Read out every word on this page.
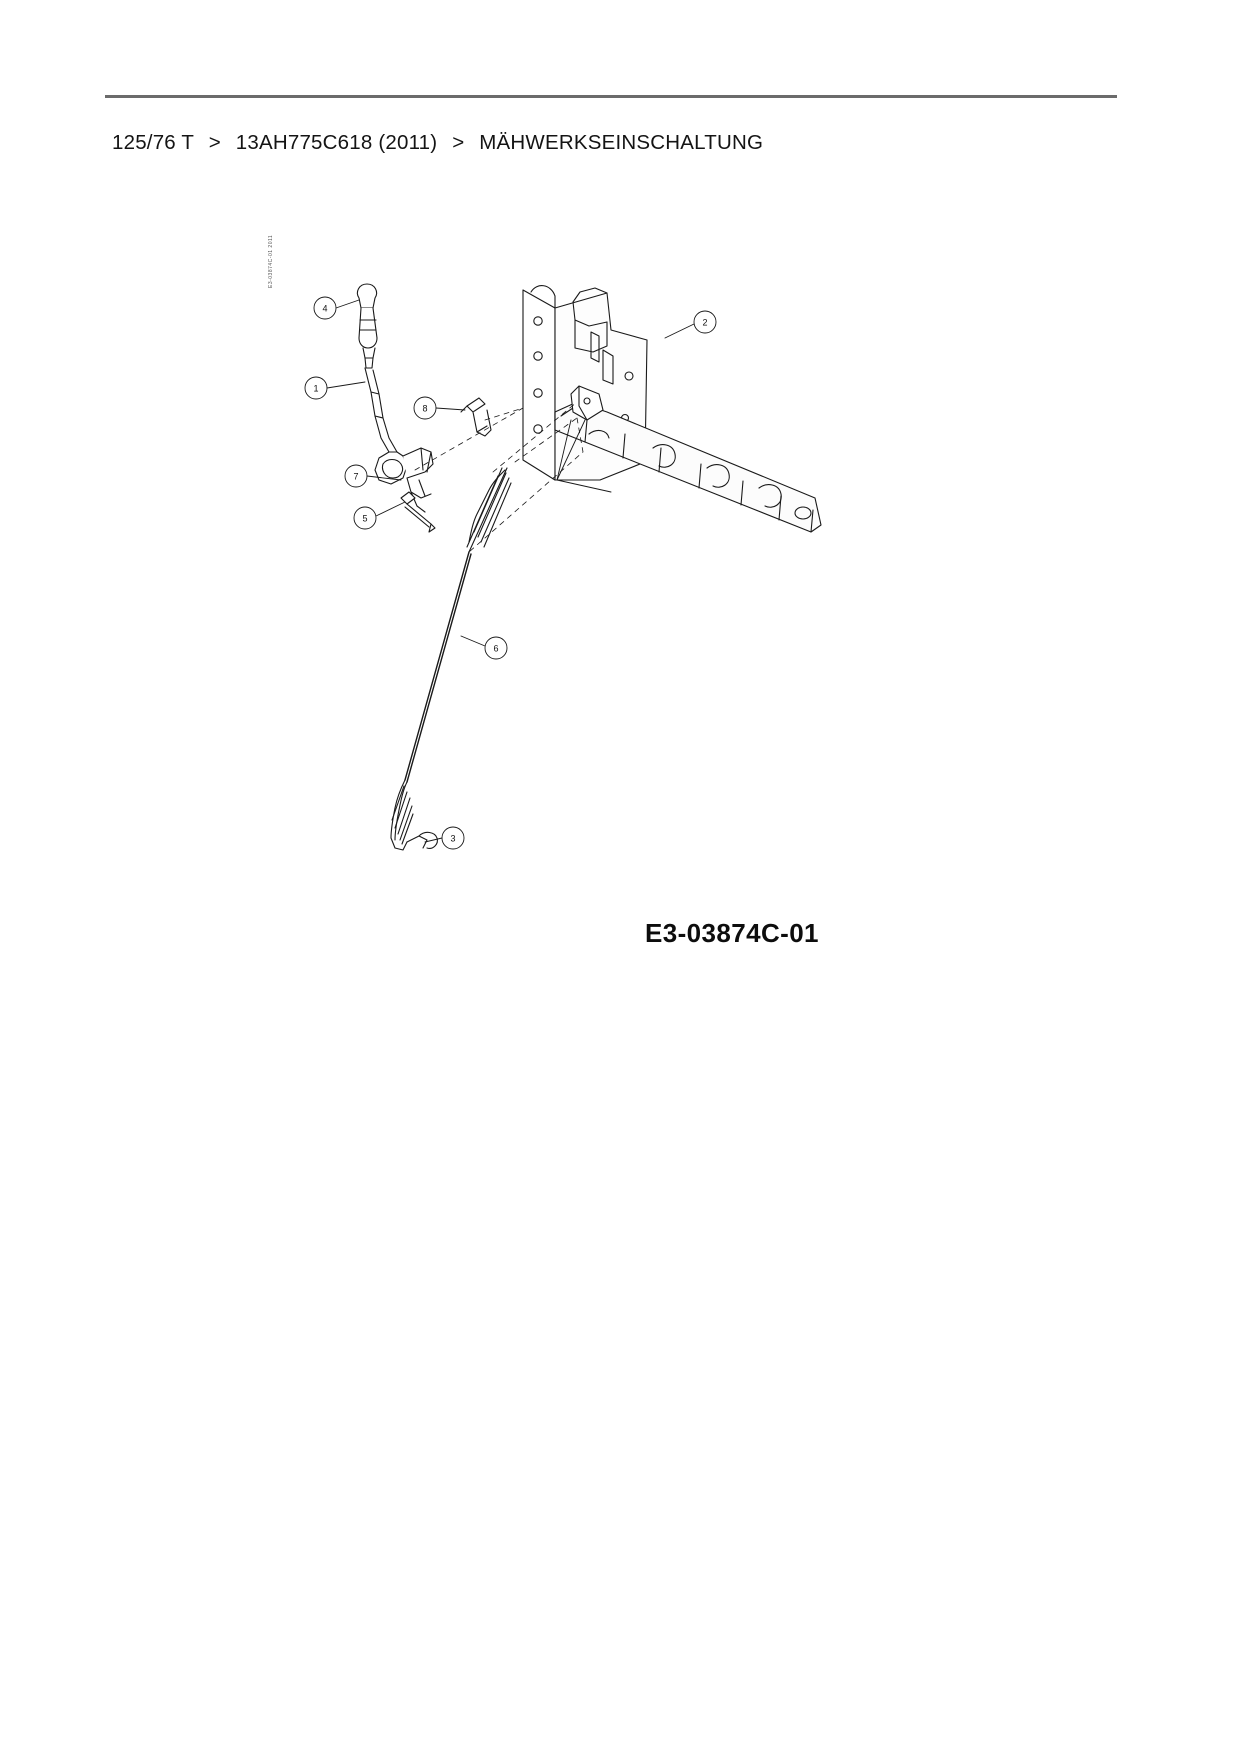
125/76 T > 13AH775C618 (2011) > MÄHWERKSEINSCHALTUNG
E3-03874C-01 2011
4
1
8
2
7
5
6
3
E3-03874C-01
